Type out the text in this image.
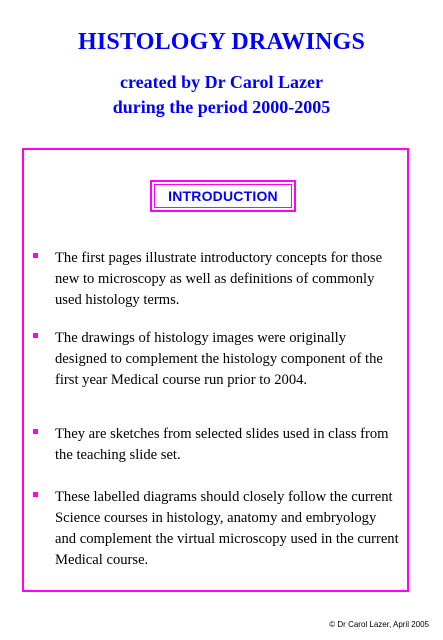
HISTOLOGY DRAWINGS
created by Dr Carol Lazer
during the period 2000-2005
INTRODUCTION
The first pages illustrate introductory concepts for those new to microscopy as well as definitions of commonly used histology terms.
The drawings of histology images were originally designed to complement the histology component of the first year Medical course run prior to 2004.
They are sketches from selected slides used in class from the teaching slide set.
These labelled diagrams should closely follow the current Science courses in histology, anatomy and embryology and complement the virtual microscopy used in the current Medical course.
© Dr Carol Lazer, April 2005
